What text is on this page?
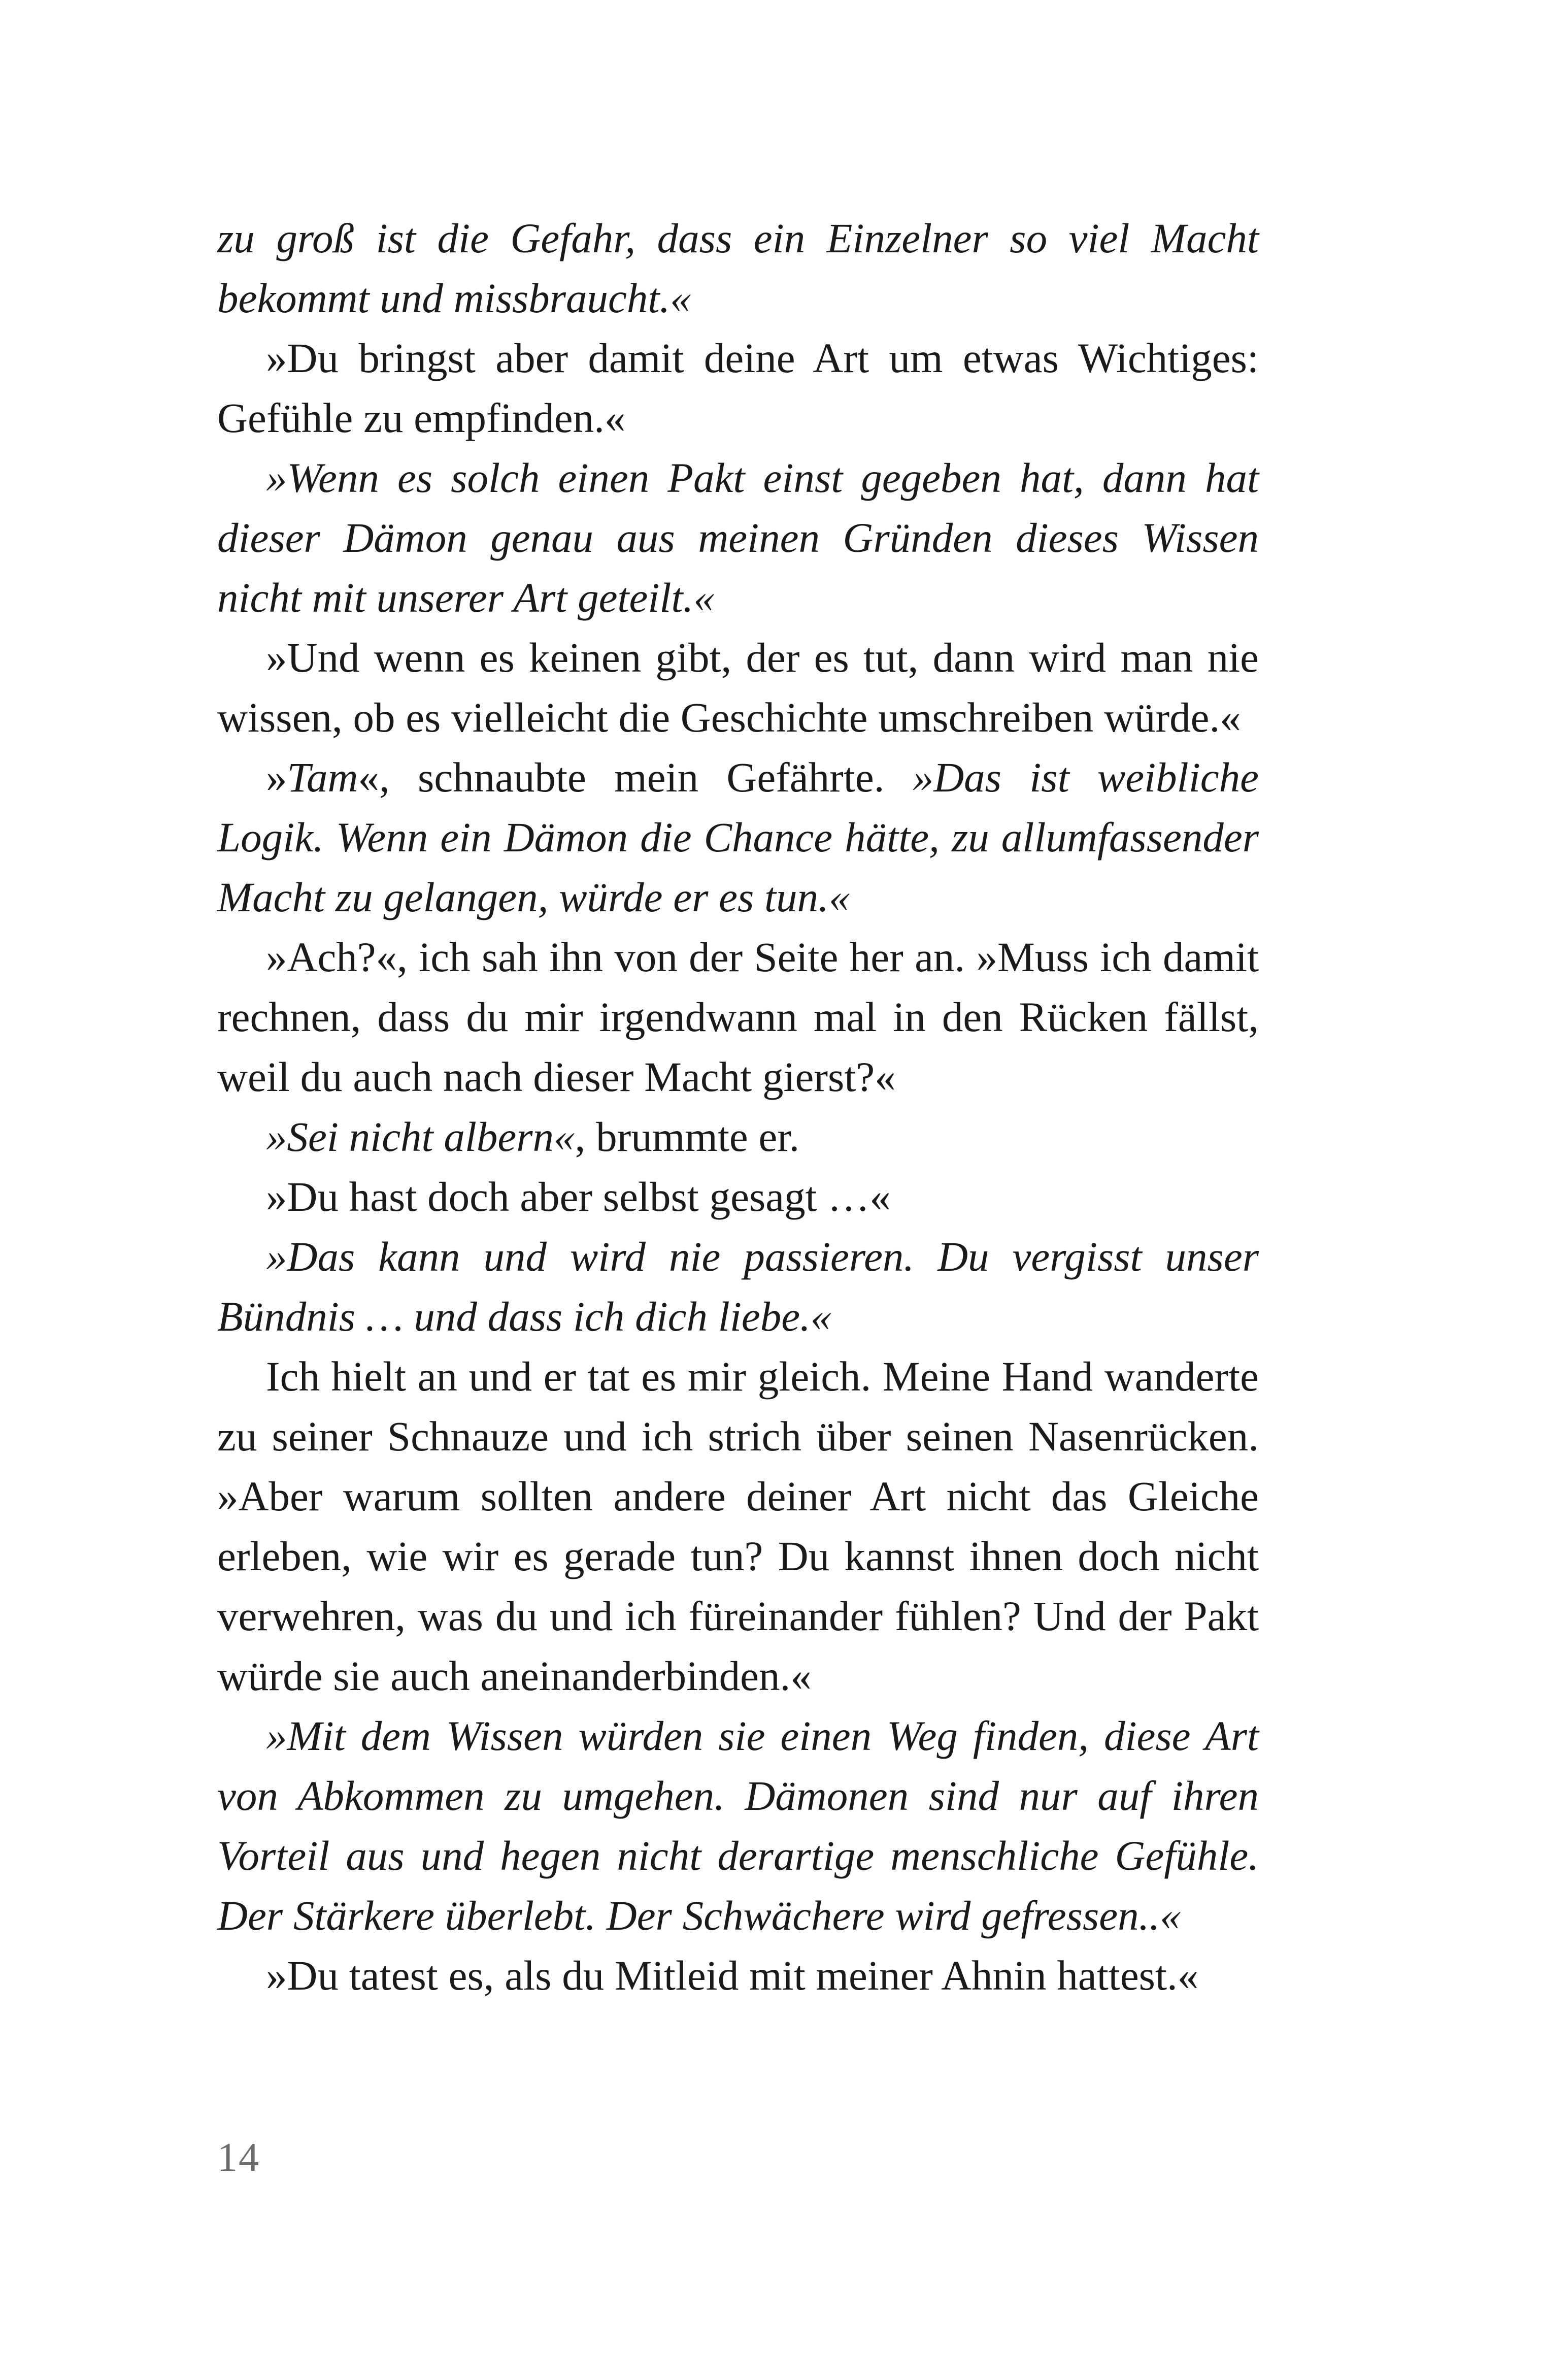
zu groß ist die Gefahr, dass ein Einzelner so viel Macht bekommt und missbraucht.«

»Du bringst aber damit deine Art um etwas Wichtiges: Gefühle zu empfinden.«

»Wenn es solch einen Pakt einst gegeben hat, dann hat dieser Dämon genau aus meinen Gründen dieses Wissen nicht mit unserer Art geteilt.«

»Und wenn es keinen gibt, der es tut, dann wird man nie wissen, ob es vielleicht die Geschichte umschreiben würde.«

»Tam«, schnaubte mein Gefährte. »Das ist weibliche Logik. Wenn ein Dämon die Chance hätte, zu allumfassender Macht zu gelangen, würde er es tun.«

»Ach?«, ich sah ihn von der Seite her an. »Muss ich damit rechnen, dass du mir irgendwann mal in den Rücken fällst, weil du auch nach dieser Macht gierst?«

»Sei nicht albern«, brummte er.

»Du hast doch aber selbst gesagt …«

»Das kann und wird nie passieren. Du vergisst unser Bündnis … und dass ich dich liebe.«

Ich hielt an und er tat es mir gleich. Meine Hand wanderte zu seiner Schnauze und ich strich über seinen Nasenrücken. »Aber warum sollten andere deiner Art nicht das Gleiche erleben, wie wir es gerade tun? Du kannst ihnen doch nicht verwehren, was du und ich füreinander fühlen? Und der Pakt würde sie auch aneinanderbinden.«

»Mit dem Wissen würden sie einen Weg finden, diese Art von Abkommen zu umgehen. Dämonen sind nur auf ihren Vorteil aus und hegen nicht derartige menschliche Gefühle. Der Stärkere überlebt. Der Schwächere wird gefressen..«

»Du tatest es, als du Mitleid mit meiner Ahnin hattest.«

14
